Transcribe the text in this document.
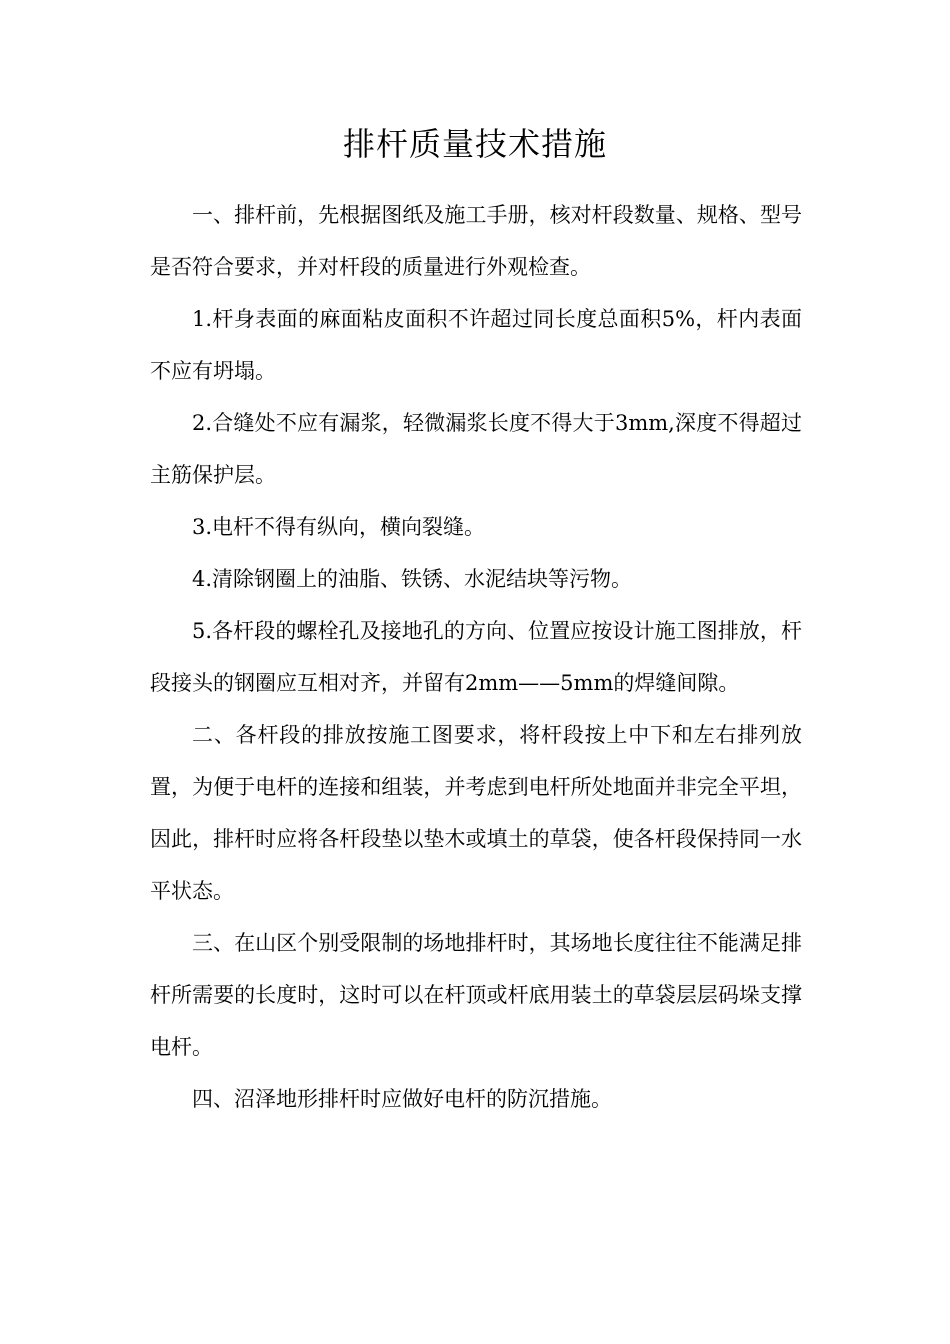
排杆质量技术措施

一、排杆前，先根据图纸及施工手册，核对杆段数量、规格、型号是否符合要求，并对杆段的质量进行外观检查。

1.杆身表面的麻面粘皮面积不许超过同长度总面积5%，杆内表面不应有坍塌。

2.合缝处不应有漏浆，轻微漏浆长度不得大于3mm,深度不得超过主筋保护层。

3.电杆不得有纵向，横向裂缝。

4.清除钢圈上的油脂、铁锈、水泥结块等污物。

5.各杆段的螺栓孔及接地孔的方向、位置应按设计施工图排放，杆段接头的钢圈应互相对齐，并留有2mm——5mm的焊缝间隙。

二、各杆段的排放按施工图要求，将杆段按上中下和左右排列放置，为便于电杆的连接和组装，并考虑到电杆所处地面并非完全平坦，因此，排杆时应将各杆段垫以垫木或填土的草袋，使各杆段保持同一水平状态。

三、在山区个别受限制的场地排杆时，其场地长度往往不能满足排杆所需要的长度时，这时可以在杆顶或杆底用装土的草袋层层码垛支撑电杆。

四、沼泽地形排杆时应做好电杆的防沉措施。
